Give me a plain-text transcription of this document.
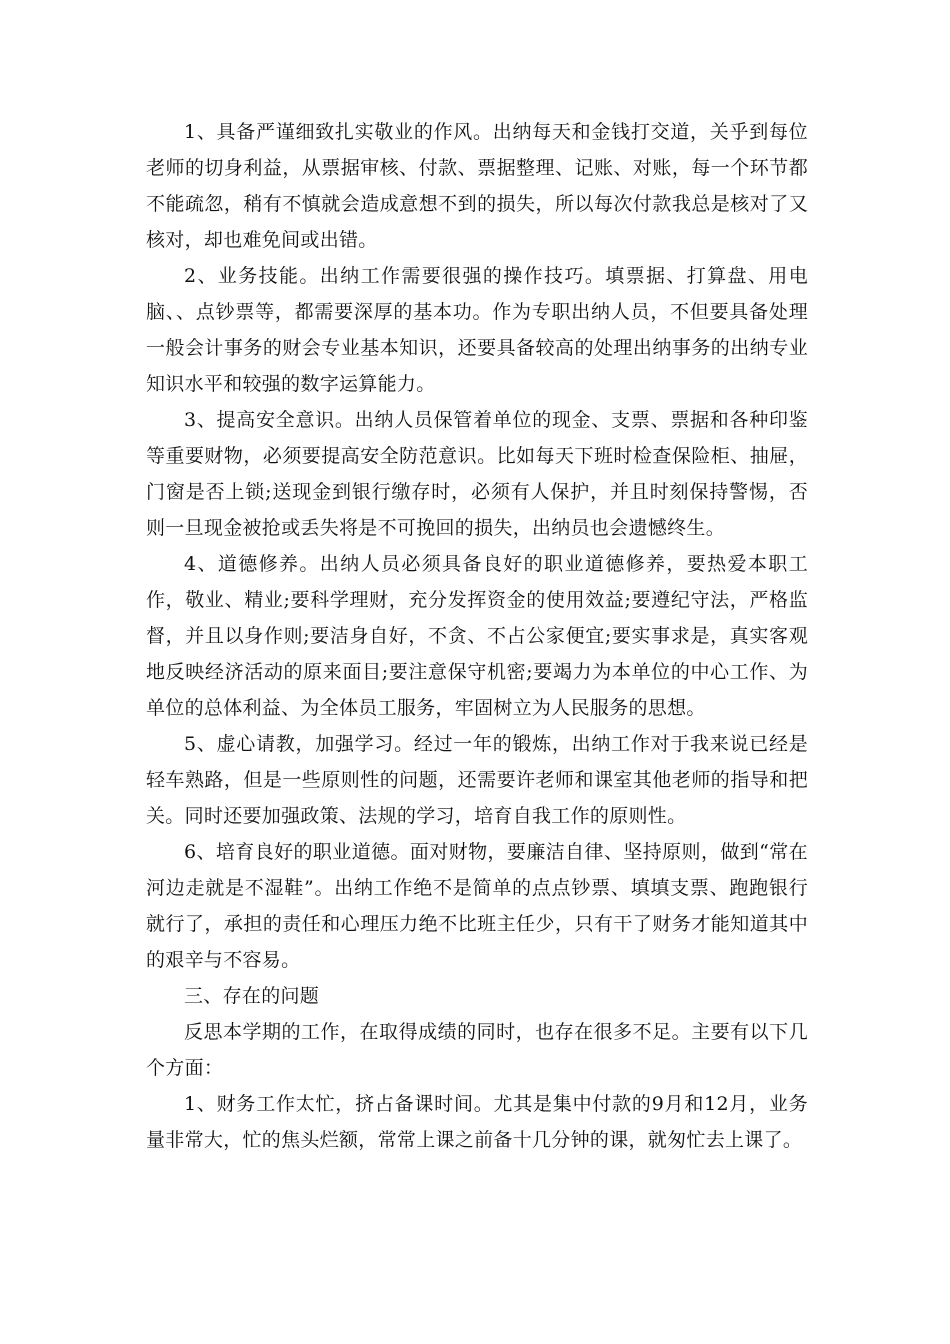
1、具备严谨细致扎实敬业的作风。出纳每天和金钱打交道，关乎到每位老师的切身利益，从票据审核、付款、票据整理、记账、对账，每一个环节都不能疏忽，稍有不慎就会造成意想不到的损失，所以每次付款我总是核对了又核对，却也难免间或出错。

2、业务技能。出纳工作需要很强的操作技巧。填票据、打算盘、用电脑、、点钞票等，都需要深厚的基本功。作为专职出纳人员，不但要具备处理一般会计事务的财会专业基本知识，还要具备较高的处理出纳事务的出纳专业知识水平和较强的数字运算能力。

3、提高安全意识。出纳人员保管着单位的现金、支票、票据和各种印鉴等重要财物，必须要提高安全防范意识。比如每天下班时检查保险柜、抽屉，门窗是否上锁;送现金到银行缴存时，必须有人保护，并且时刻保持警惕，否则一旦现金被抢或丢失将是不可挽回的损失，出纳员也会遗憾终生。

4、道德修养。出纳人员必须具备良好的职业道德修养，要热爱本职工作，敬业、精业;要科学理财，充分发挥资金的使用效益;要遵纪守法，严格监督，并且以身作则;要洁身自好，不贪、不占公家便宜;要实事求是，真实客观地反映经济活动的原来面目;要注意保守机密;要竭力为本单位的中心工作、为单位的总体利益、为全体员工服务，牢固树立为人民服务的思想。

5、虚心请教，加强学习。经过一年的锻炼，出纳工作对于我来说已经是轻车熟路，但是一些原则性的问题，还需要许老师和课室其他老师的指导和把关。同时还要加强政策、法规的学习，培育自我工作的原则性。

6、培育良好的职业道德。面对财物，要廉洁自律、坚持原则，做到“常在河边走就是不湿鞋”。出纳工作绝不是简单的点点钞票、填填支票、跑跑银行就行了，承担的责任和心理压力绝不比班主任少，只有干了财务才能知道其中的艰辛与不容易。

三、存在的问题

反思本学期的工作，在取得成绩的同时，也存在很多不足。主要有以下几个方面：

1、财务工作太忙，挤占备课时间。尤其是集中付款的9月和12月，业务量非常大，忙的焦头烂额，常常上课之前备十几分钟的课，就匆忙去上课了。
